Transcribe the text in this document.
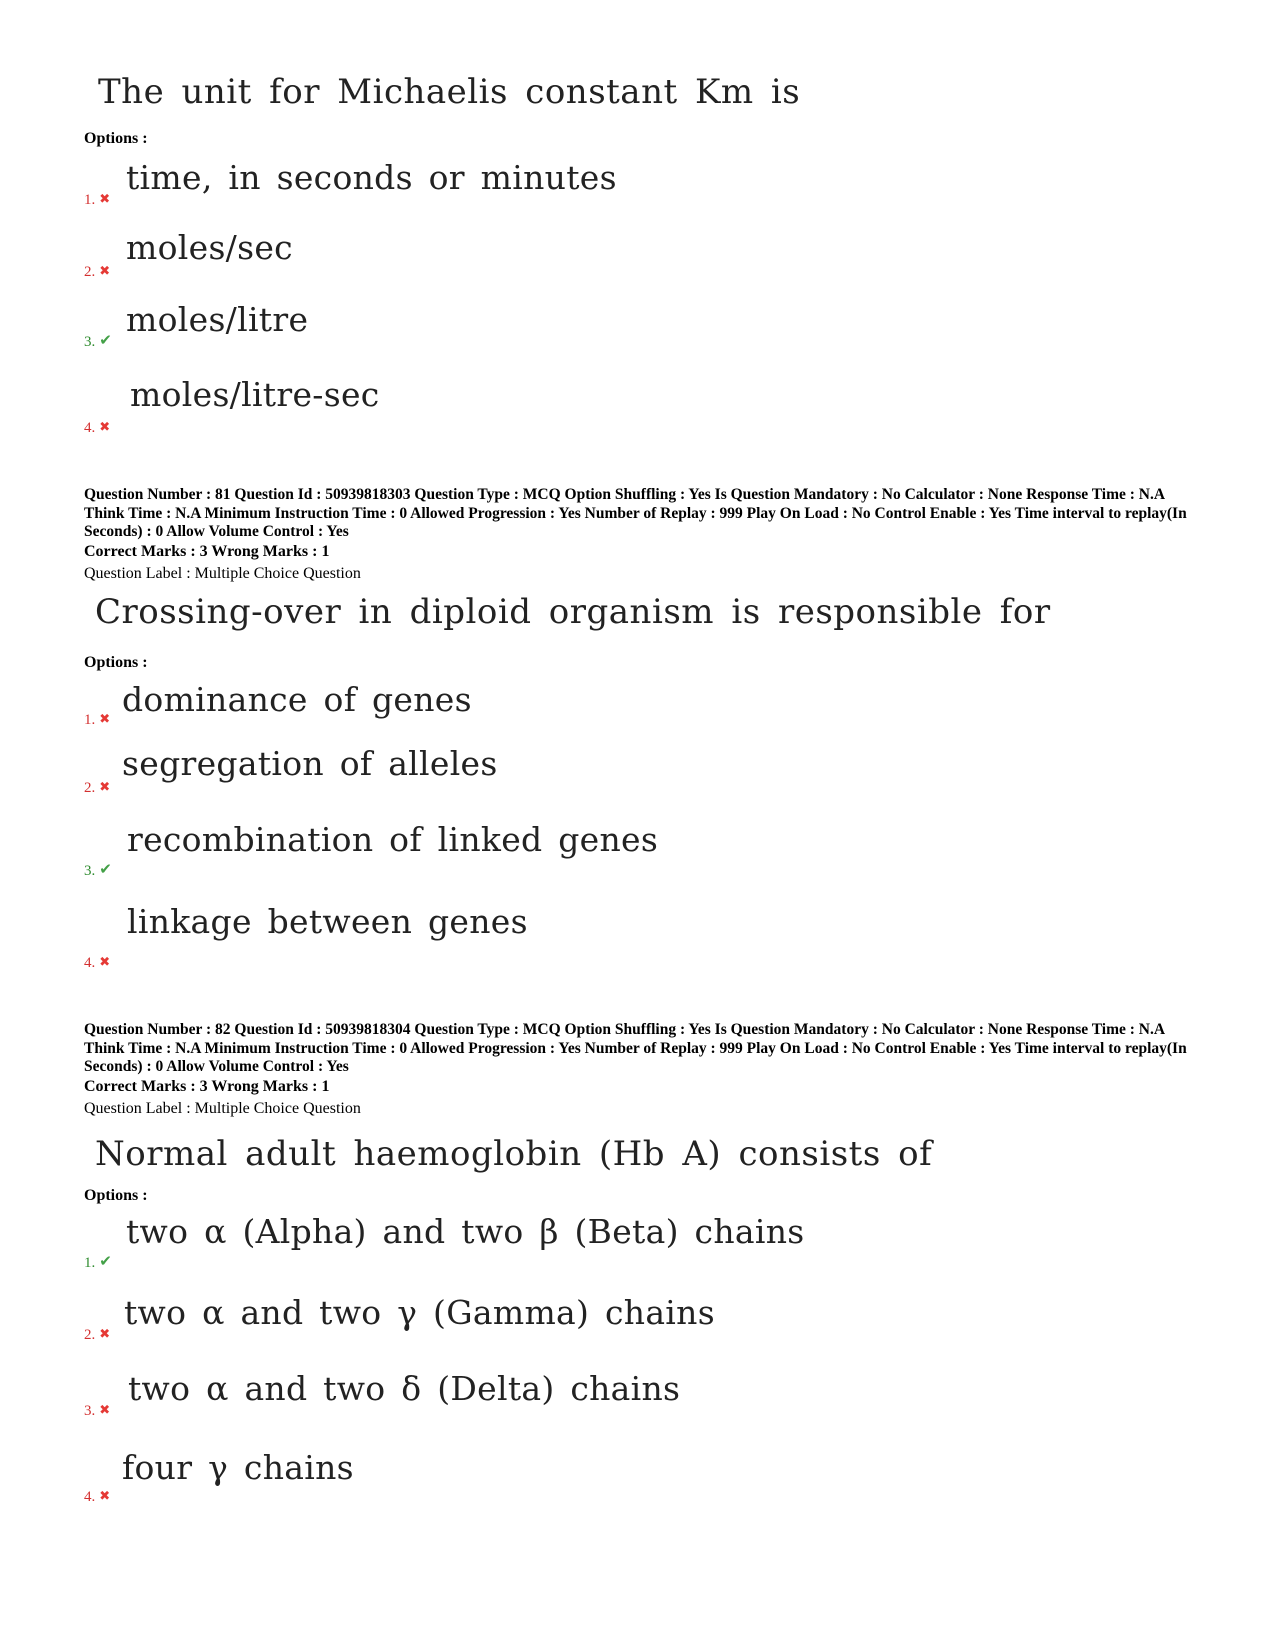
The unit for Michaelis constant Km is
Options :
time, in seconds or minutes
1. ✖
moles/sec
2. ✖
moles/litre
3. ✔
moles/litre-sec
4. ✖
Question Number : 81 Question Id : 50939818303 Question Type : MCQ Option Shuffling : Yes Is Question Mandatory : No Calculator : None Response Time : N.A Think Time : N.A Minimum Instruction Time : 0 Allowed Progression : Yes Number of Replay : 999 Play On Load : No Control Enable : Yes Time interval to replay(In Seconds) : 0 Allow Volume Control : Yes
Correct Marks : 3 Wrong Marks : 1
Question Label : Multiple Choice Question
Crossing-over in diploid organism is responsible for
Options :
dominance of genes
1. ✖
segregation of alleles
2. ✖
recombination of linked genes
3. ✔
linkage between genes
4. ✖
Question Number : 82 Question Id : 50939818304 Question Type : MCQ Option Shuffling : Yes Is Question Mandatory : No Calculator : None Response Time : N.A Think Time : N.A Minimum Instruction Time : 0 Allowed Progression : Yes Number of Replay : 999 Play On Load : No Control Enable : Yes Time interval to replay(In Seconds) : 0 Allow Volume Control : Yes
Correct Marks : 3 Wrong Marks : 1
Question Label : Multiple Choice Question
Normal adult haemoglobin (Hb A) consists of
Options :
two α (Alpha) and two β (Beta) chains
1. ✔
two α and two γ (Gamma) chains
2. ✖
two α and two δ (Delta) chains
3. ✖
four γ chains
4. ✖
